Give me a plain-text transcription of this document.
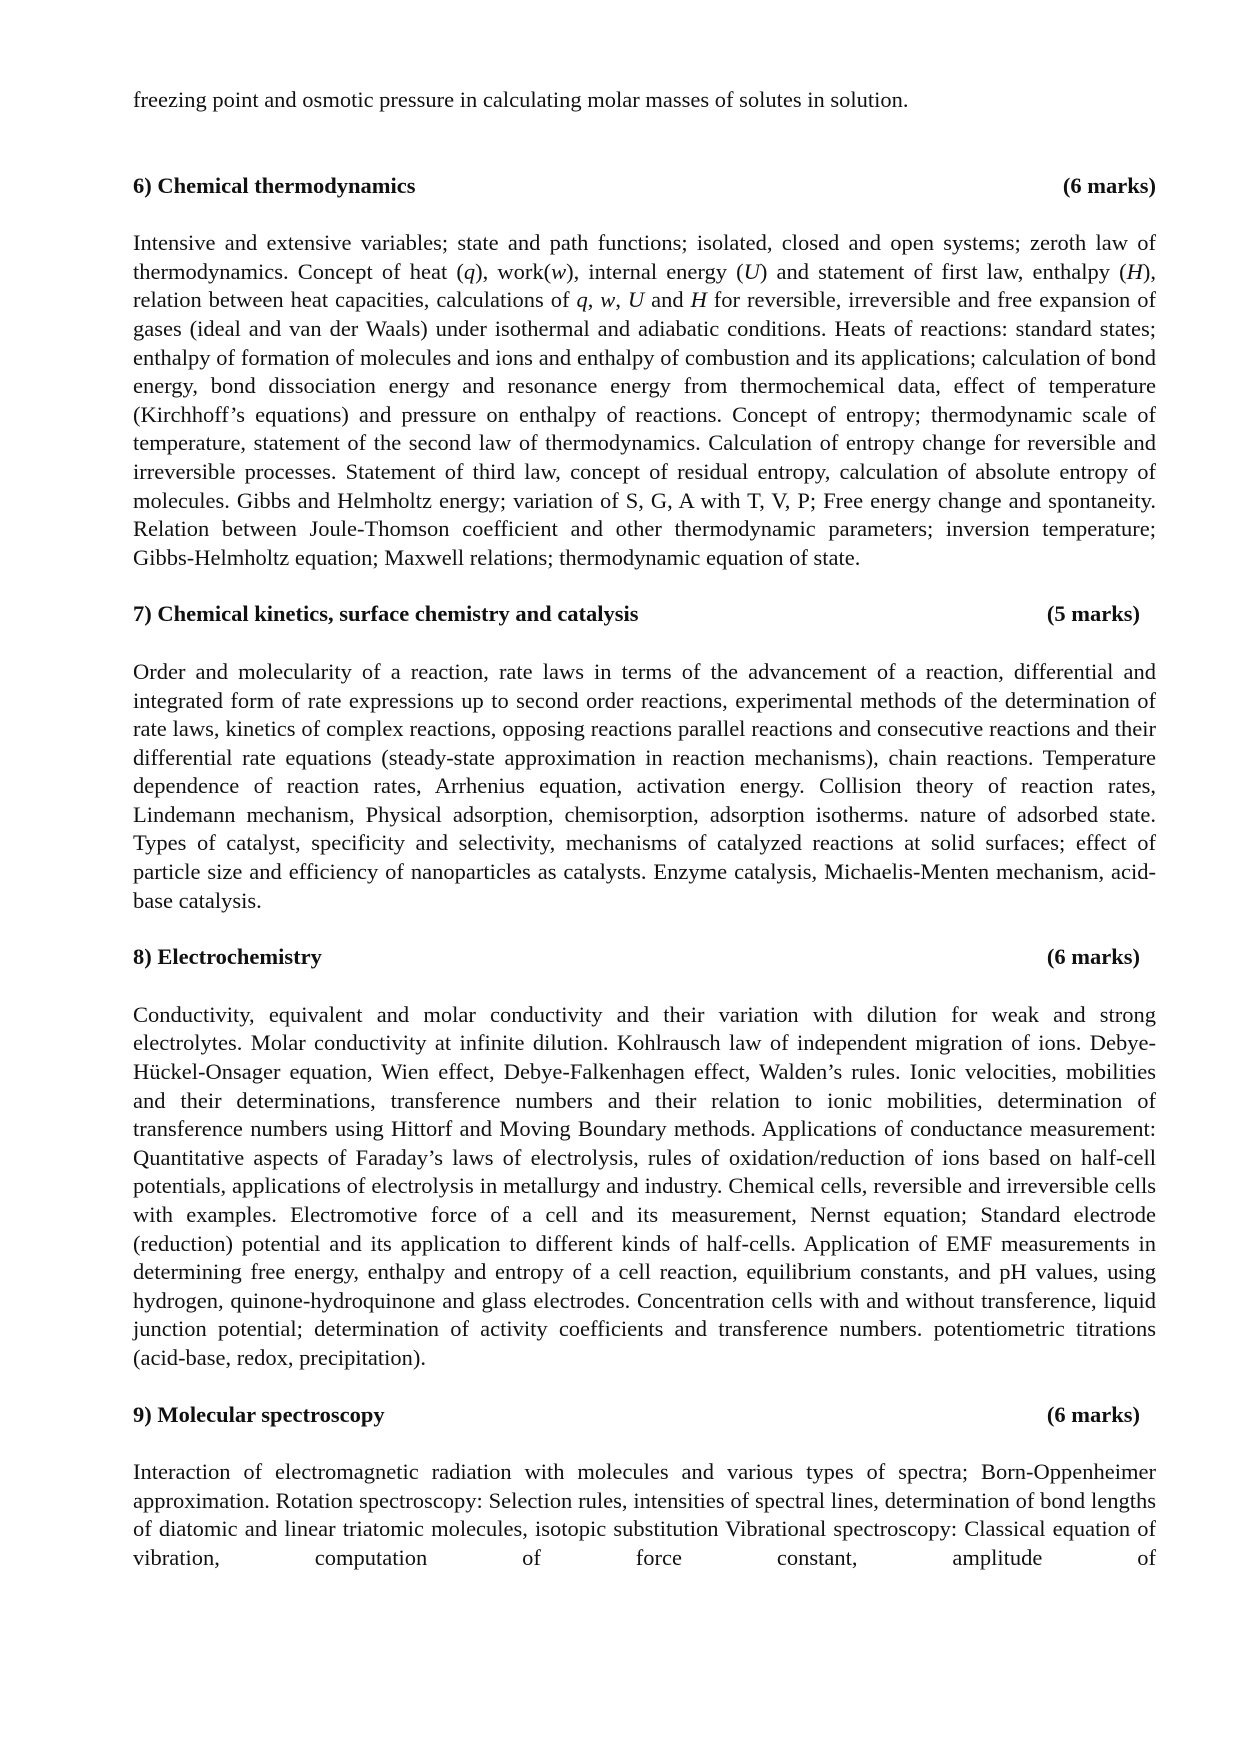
freezing point and osmotic pressure in calculating molar masses of solutes in solution.

6) Chemical thermodynamics	(6 marks)

Intensive and extensive variables; state and path functions; isolated, closed and open systems; zeroth law of thermodynamics. Concept of heat (q), work(w), internal energy (U) and statement of first law, enthalpy (H), relation between heat capacities, calculations of q, w, U and H for reversible, irreversible and free expansion of gases (ideal and van der Waals) under isothermal and adiabatic conditions. Heats of reactions: standard states; enthalpy of formation of molecules and ions and enthalpy of combustion and its applications; calculation of bond energy, bond dissociation energy and resonance energy from thermochemical data, effect of temperature (Kirchhoff’s equations) and pressure on enthalpy of reactions. Concept of entropy; thermodynamic scale of temperature, statement of the second law of thermodynamics. Calculation of entropy change for reversible and irreversible processes. Statement of third law, concept of residual entropy, calculation of absolute entropy of molecules. Gibbs and Helmholtz energy; variation of S, G, A with T, V, P; Free energy change and spontaneity. Relation between Joule-Thomson coefficient and other thermodynamic parameters; inversion temperature; Gibbs-Helmholtz equation; Maxwell relations; thermodynamic equation of state.

7) Chemical kinetics, surface chemistry and catalysis	(5 marks)

Order and molecularity of a reaction, rate laws in terms of the advancement of a reaction, differential and integrated form of rate expressions up to second order reactions, experimental methods of the determination of rate laws, kinetics of complex reactions, opposing reactions parallel reactions and consecutive reactions and their differential rate equations (steady-state approximation in reaction mechanisms), chain reactions. Temperature dependence of reaction rates, Arrhenius equation, activation energy. Collision theory of reaction rates, Lindemann mechanism, Physical adsorption, chemisorption, adsorption isotherms. nature of adsorbed state. Types of catalyst, specificity and selectivity, mechanisms of catalyzed reactions at solid surfaces; effect of particle size and efficiency of nanoparticles as catalysts. Enzyme catalysis, Michaelis-Menten mechanism, acid-base catalysis.

8) Electrochemistry	(6 marks)

Conductivity, equivalent and molar conductivity and their variation with dilution for weak and strong electrolytes. Molar conductivity at infinite dilution. Kohlrausch law of independent migration of ions. Debye-Hückel-Onsager equation, Wien effect, Debye-Falkenhagen effect, Walden’s rules. Ionic velocities, mobilities and their determinations, transference numbers and their relation to ionic mobilities, determination of transference numbers using Hittorf and Moving Boundary methods. Applications of conductance measurement: Quantitative aspects of Faraday’s laws of electrolysis, rules of oxidation/reduction of ions based on half-cell potentials, applications of electrolysis in metallurgy and industry. Chemical cells, reversible and irreversible cells with examples. Electromotive force of a cell and its measurement, Nernst equation; Standard electrode (reduction) potential and its application to different kinds of half-cells. Application of EMF measurements in determining free energy, enthalpy and entropy of a cell reaction, equilibrium constants, and pH values, using hydrogen, quinone-hydroquinone and glass electrodes. Concentration cells with and without transference, liquid junction potential; determination of activity coefficients and transference numbers. potentiometric titrations (acid-base, redox, precipitation).

9) Molecular spectroscopy	(6 marks)

Interaction of electromagnetic radiation with molecules and various types of spectra; Born-Oppenheimer approximation. Rotation spectroscopy: Selection rules, intensities of spectral lines, determination of bond lengths of diatomic and linear triatomic molecules, isotopic substitution Vibrational spectroscopy: Classical equation of vibration, computation of force constant, amplitude of
